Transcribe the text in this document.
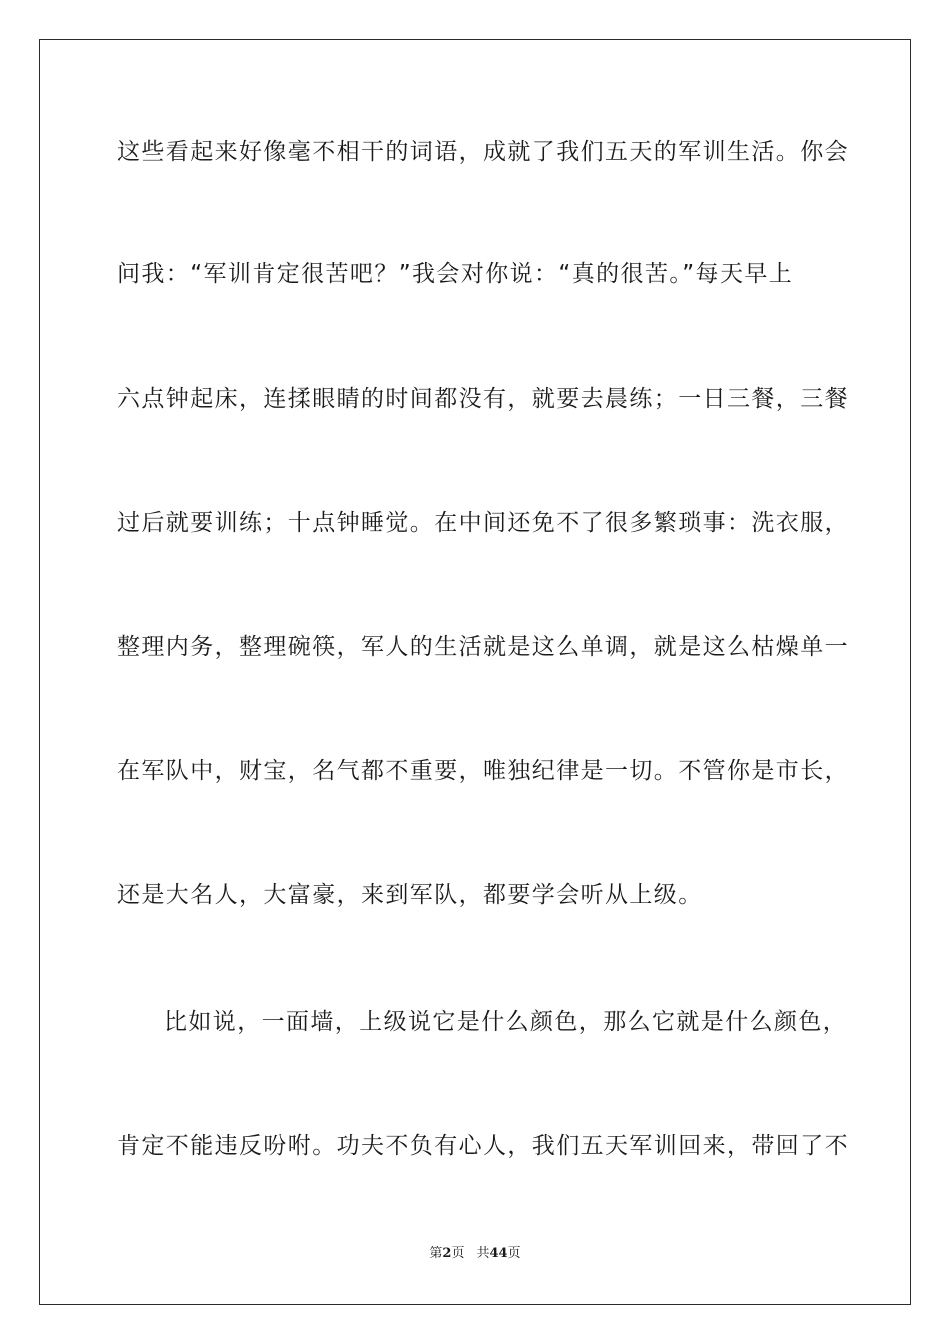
这些看起来好像毫不相干的词语，成就了我们五天的军训生活。你会
问我：“军训肯定很苦吧？”我会对你说：“真的很苦。”每天早上
六点钟起床，连揉眼睛的时间都没有，就要去晨练；一日三餐，三餐
过后就要训练；十点钟睡觉。在中间还免不了很多繁琐事：洗衣服，
整理内务，整理碗筷，军人的生活就是这么单调，就是这么枯燥单一
在军队中，财宝，名气都不重要，唯独纪律是一切。不管你是市长，
还是大名人，大富豪，来到军队，都要学会听从上级。
比如说，一面墙，上级说它是什么颜色，那么它就是什么颜色，
肯定不能违反吩咐。功夫不负有心人，我们五天军训回来，带回了不
第2页 共44页
